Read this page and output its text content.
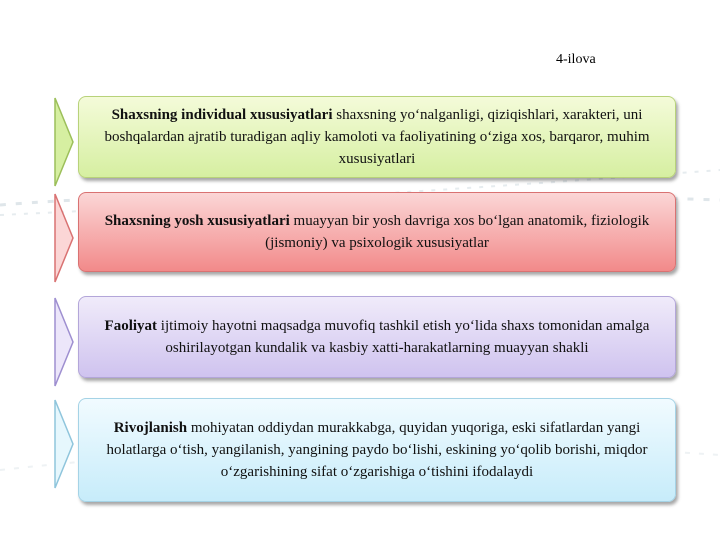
4-ilova
Shaxsning individual xususiyatlari shaxsning yo‘nalganligi, qiziqishlari, xarakteri, uni boshqalardan ajratib turadigan aqliy kamoloti va faoliyatining o‘ziga xos, barqaror, muhim xususiyatlari
Shaxsning yosh xususiyatlari muayyan bir yosh davriga xos bo‘lgan anatomik, fiziologik (jismoniy) va psixologik xususiyatlar
Faoliyat ijtimoiy hayotni maqsadga muvofiq tashkil etish yo‘lida shaxs tomonidan amalga oshirilayotgan kundalik va kasbiy xatti-harakatlarning muayyan shakli
Rivojlanish mohiyatan oddiydan murakkabga, quyidan yuqoriga, eski sifatlardan yangi holatlarga o‘tish, yangilanish, yangining paydo bo‘lishi, eskining yo‘qolib borishi, miqdor o‘zgarishining sifat o‘zgarishiga o‘tishini ifodalaydi
